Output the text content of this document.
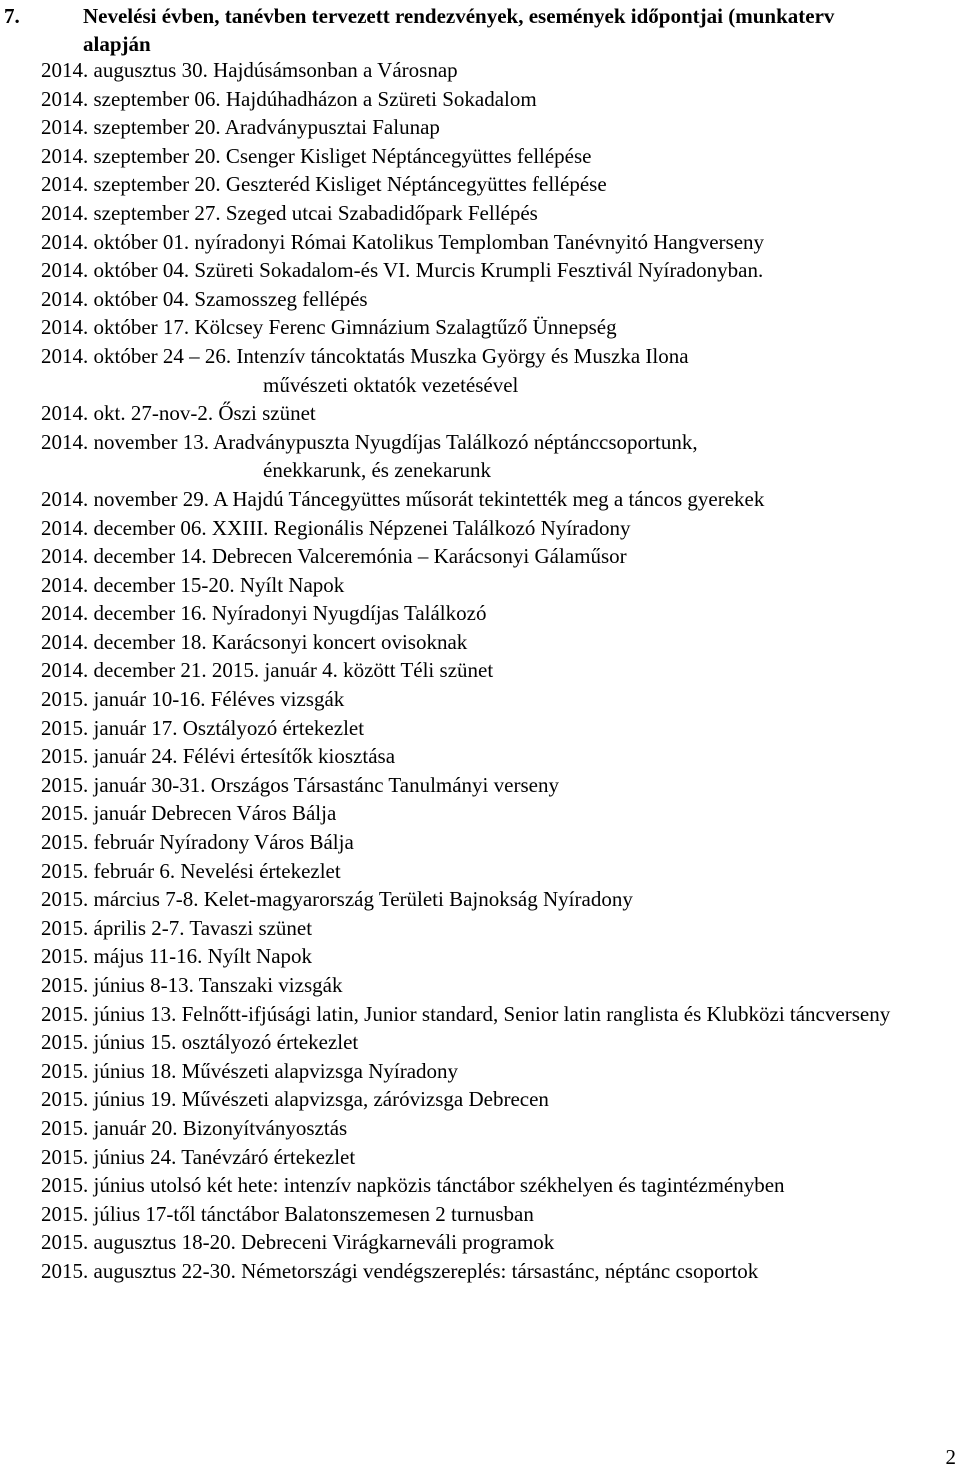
7.	Nevelési évben, tanévben tervezett rendezvények, események időpontjai (munkaterv alapján
2014. augusztus 30. Hajdúsámsonban a Városnap
2014. szeptember 06. Hajdúhadházon a Szüreti Sokadalom
2014. szeptember 20. Aradványpusztai Falunap
2014. szeptember 20. Csenger Kisliget Néptáncegyüttes fellépése
2014. szeptember 20. Geszteréd Kisliget Néptáncegyüttes fellépése
2014. szeptember 27. Szeged utcai Szabadidőpark Fellépés
2014. október 01. nyíradonyi Római Katolikus Templomban Tanévnyitó Hangverseny
2014. október 04. Szüreti Sokadalom-és VI. Murcis Krumpli Fesztivál Nyíradonyban.
2014. október 04. Szamosszeg fellépés
2014. október 17. Kölcsey Ferenc Gimnázium Szalagtűző Ünnepség
2014. október 24 – 26. Intenzív táncoktatás Muszka György és Muszka Ilona
művészeti oktatók vezetésével
2014. okt. 27-nov-2. Őszi szünet
2014. november 13. Aradványpuszta Nyugdíjas Találkozó néptánccsoportunk,
énekkarunk, és zenekarunk
2014. november 29. A Hajdú Táncegyüttes műsorát tekintették meg a táncos gyerekek
2014. december 06. XXIII. Regionális Népzenei Találkozó Nyíradony
2014. december 14. Debrecen Valceremónia – Karácsonyi Gálaműsor
2014. december 15-20. Nyílt Napok
2014. december 16. Nyíradonyi Nyugdíjas Találkozó
2014. december 18. Karácsonyi koncert ovisoknak
2014. december 21. 2015. január 4. között Téli szünet
2015. január 10-16. Féléves vizsgák
2015. január 17. Osztályozó értekezlet
2015. január 24. Félévi értesítők kiosztása
2015. január 30-31. Országos Társastánc Tanulmányi verseny
2015. január Debrecen Város Bálja
2015. február Nyíradony Város Bálja
2015. február 6. Nevelési értekezlet
2015. március 7-8. Kelet-magyarország Területi Bajnokság Nyíradony
2015. április 2-7. Tavaszi szünet
2015. május 11-16. Nyílt Napok
2015. június 8-13. Tanszaki vizsgák
2015. június 13. Felnőtt-ifjúsági latin, Junior standard, Senior latin ranglista és Klubközi táncverseny
2015. június 15. osztályozó értekezlet
2015. június 18. Művészeti alapvizsga Nyíradony
2015. június 19. Művészeti alapvizsga, záróvizsga Debrecen
2015. január 20. Bizonyítványosztás
2015. június 24. Tanévzáró értekezlet
2015. június utolsó két hete: intenzív napközis tánctábor székhelyen és tagintézményben
2015. július 17-től tánctábor Balatonszemesen 2 turnusban
2015. augusztus 18-20. Debreceni Virágkarneváli programok
2015. augusztus 22-30. Németországi vendégszereplés: társastánc, néptánc csoportok
2
